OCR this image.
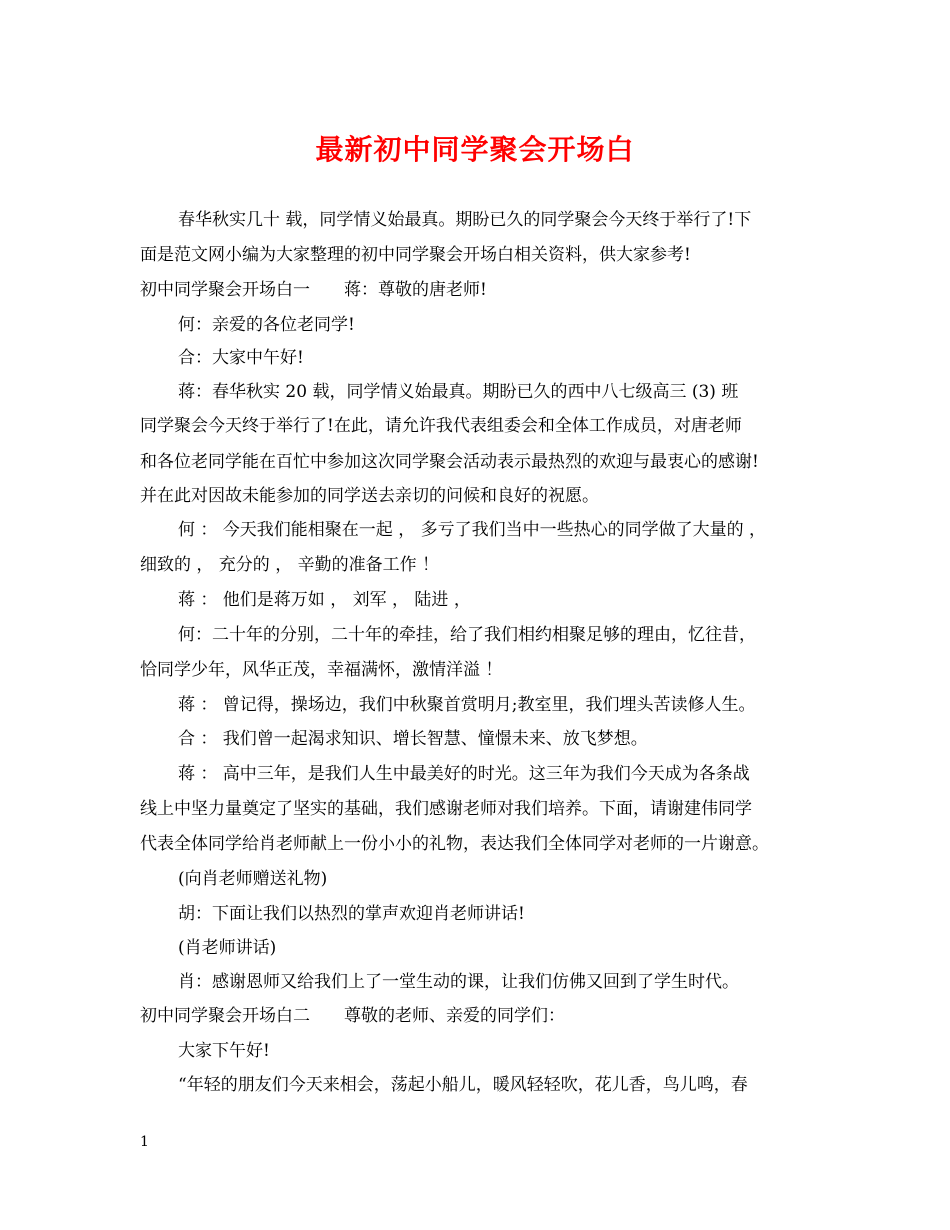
最新初中同学聚会开场白
春华秋实几十 载，同学情义始最真。期盼已久的同学聚会今天终于举行了!下
面是范文网小编为大家整理的初中同学聚会开场白相关资料，供大家参考!
初中同学聚会开场白一　　蒋：尊敬的唐老师!
何：亲爱的各位老同学!
合：大家中午好!
蒋：春华秋实 20 载，同学情义始最真。期盼已久的西中八七级高三 (3) 班
同学聚会今天终于举行了!在此，请允许我代表组委会和全体工作成员，对唐老师
和各位老同学能在百忙中参加这次同学聚会活动表示最热烈的欢迎与最衷心的感谢!
并在此对因故未能参加的同学送去亲切的问候和良好的祝愿。
何 ： 今天我们能相聚在一起 ， 多亏了我们当中一些热心的同学做了大量的 ，
细致的 ， 充分的 ， 辛勤的准备工作 ！
蒋 ： 他们是蒋万如 ， 刘军 ， 陆进 ，
何：二十年的分别，二十年的牵挂，给了我们相约相聚足够的理由，忆往昔，
恰同学少年，风华正茂，幸福满怀，激情洋溢 ！
蒋 ： 曾记得，操场边，我们中秋聚首赏明月;教室里，我们埋头苦读修人生。
合 ： 我们曾一起渴求知识、增长智慧、憧憬未来、放飞梦想。
蒋 ： 高中三年，是我们人生中最美好的时光。这三年为我们今天成为各条战
线上中坚力量奠定了坚实的基础，我们感谢老师对我们培养。下面，请谢建伟同学
代表全体同学给肖老师献上一份小小的礼物，表达我们全体同学对老师的一片谢意。
(向肖老师赠送礼物)
胡：下面让我们以热烈的掌声欢迎肖老师讲话!
(肖老师讲话)
肖：感谢恩师又给我们上了一堂生动的课，让我们仿佛又回到了学生时代。
初中同学聚会开场白二　　尊敬的老师、亲爱的同学们：
大家下午好!
“年轻的朋友们今天来相会，荡起小船儿，暖风轻轻吹，花儿香，鸟儿鸣，春
1
